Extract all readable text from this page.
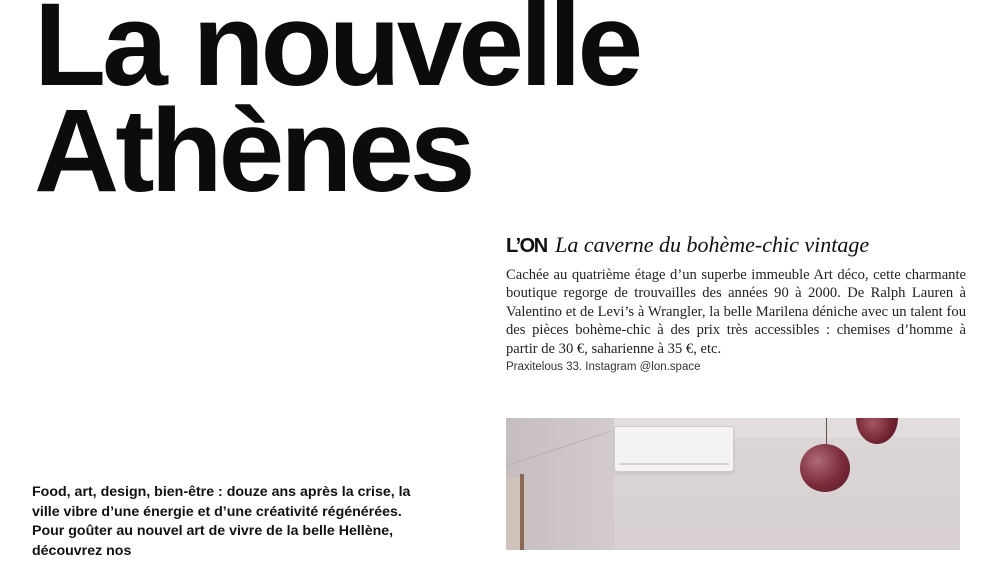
La nouvelle
Athènes

L’ON La caverne du bohème-chic vintage

Cachée au quatrième étage d’un superbe immeuble Art déco, cette charmante boutique regorge de trouvailles des années 90 à 2000. De Ralph Lauren à Valentino et de Levi’s à Wrangler, la belle Marilena déniche avec un talent fou des pièces bohème-chic à des prix très accessibles : chemises d’homme à partir de 30 €, saharienne à 35 €, etc.

Praxitelous 33. Instagram @lon.space

Food, art, design, bien-être : douze ans après la crise, la ville vibre d’une énergie et d’une créativité régénérées. Pour goûter au nouvel art de vivre de la belle Hellène, découvrez nos
